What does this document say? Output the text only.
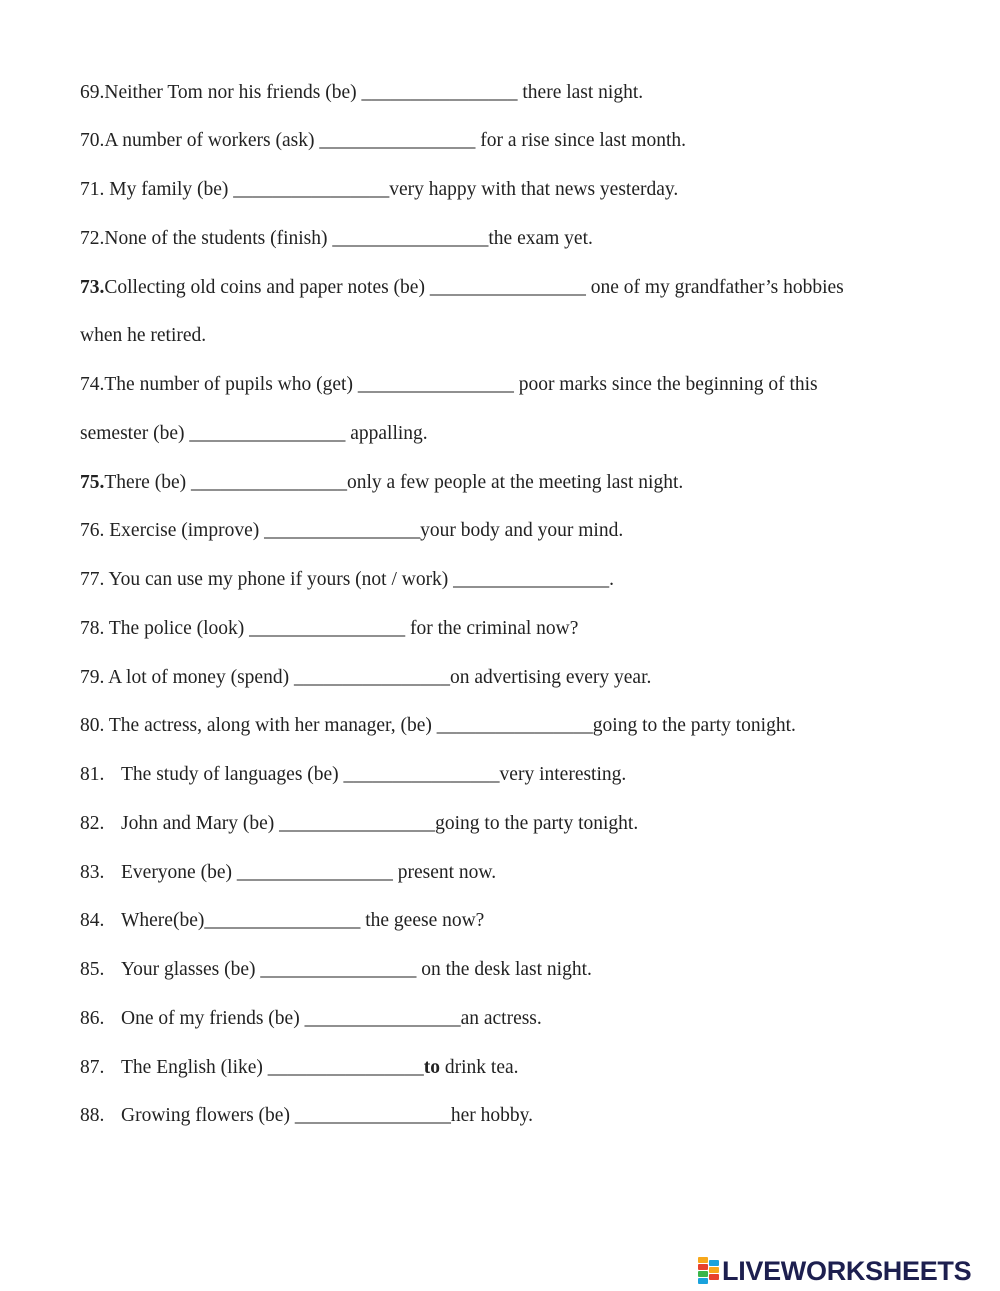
69.Neither Tom nor his friends (be) ________________ there last night.
70.A number of workers (ask) ________________ for a rise since last month.
71. My family (be) ________________very happy with that news yesterday.
72.None of the students (finish) ________________the exam yet.
73.Collecting old coins and paper notes (be) ________________ one of my grandfather’s hobbies
when he retired.
74.The number of pupils who (get) ________________ poor marks since the beginning of this
semester (be) ________________ appalling.
75.There (be) ________________only a few people at the meeting last night.
76. Exercise (improve) ________________your body and your mind.
77. You can use my phone if yours (not / work) ________________.
78. The police (look) ________________ for the criminal now?
79. A lot of money (spend) ________________on advertising every year.
80. The actress, along with her manager, (be) ________________going to the party tonight.
81. The study of languages (be) ________________very interesting.
82. John and Mary (be) ________________going to the party tonight.
83. Everyone (be) ________________ present now.
84. Where(be)________________ the geese now?
85. Your glasses (be) ________________ on the desk last night.
86. One of my friends (be) ________________an actress.
87. The English (like) ________________to drink tea.
88. Growing flowers (be) ________________her hobby.
LIVEWORKSHEETS
